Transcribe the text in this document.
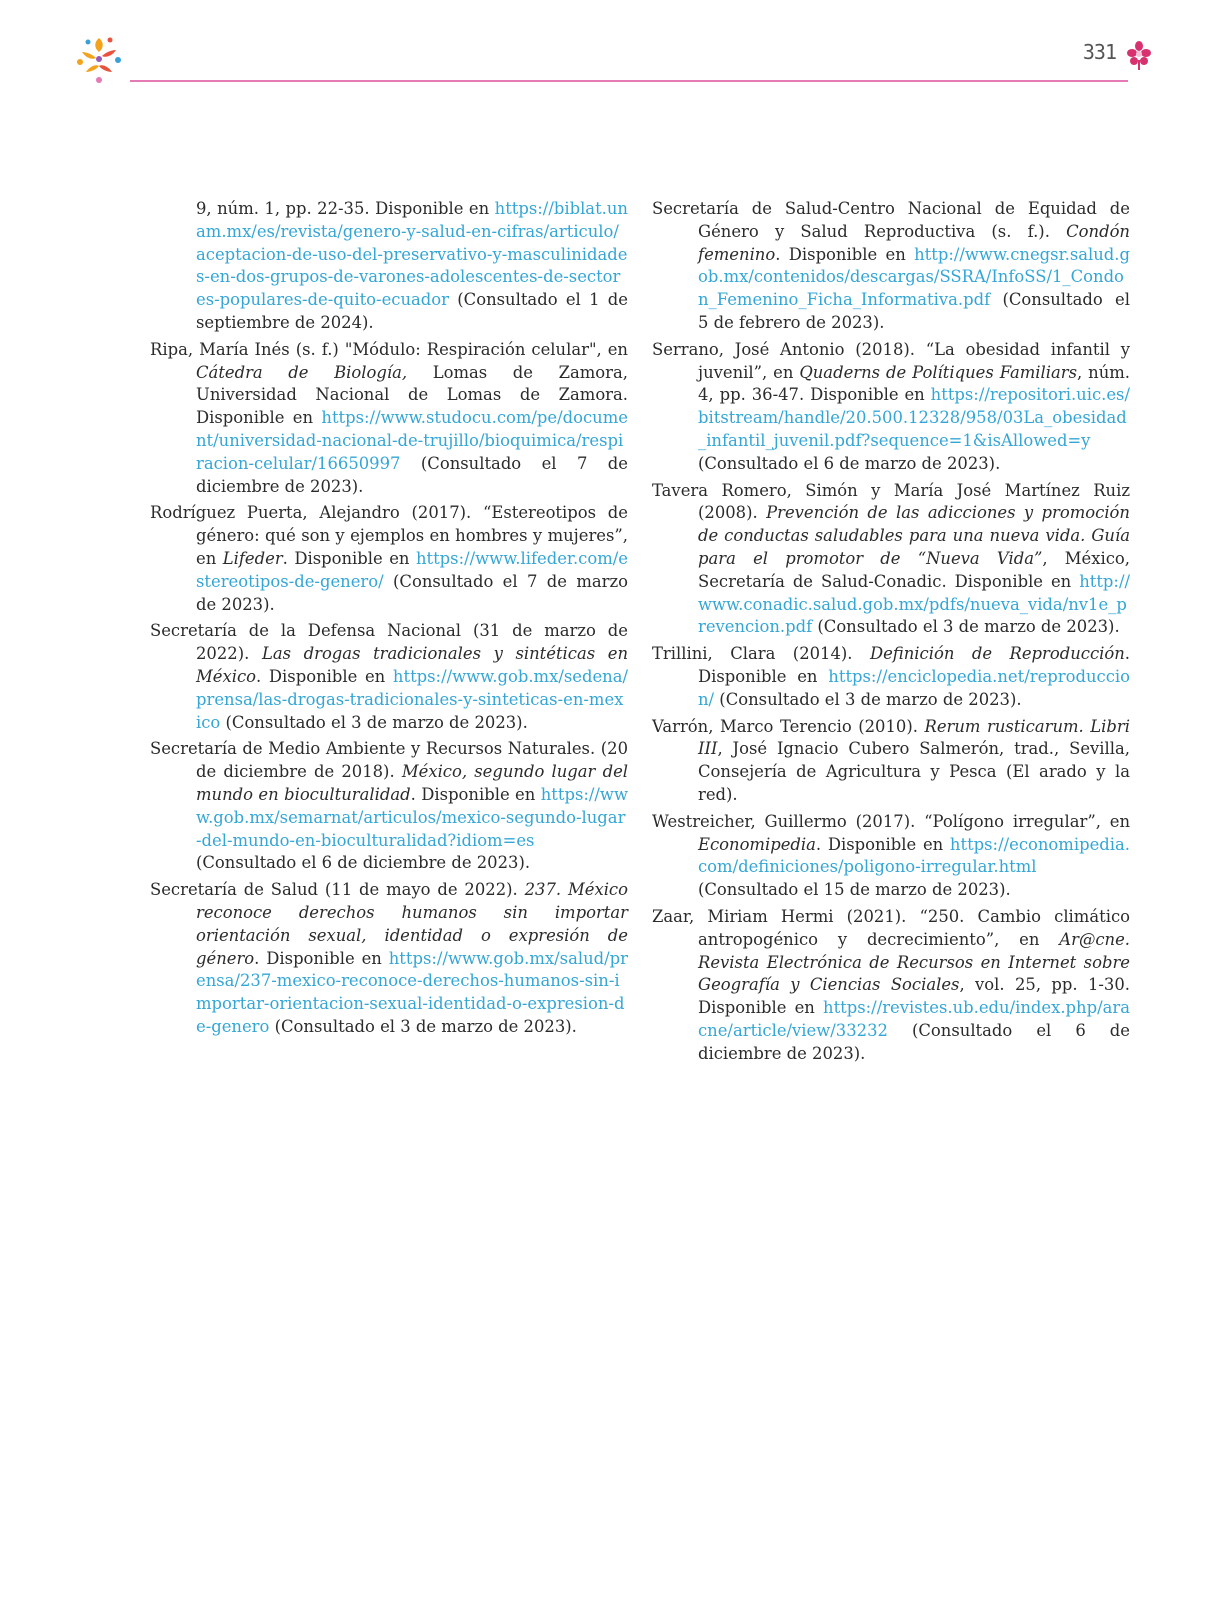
331

9, núm. 1, pp. 22-35. Disponible en https://biblat.unam.mx/es/revista/genero-y-salud-en-cifras/articulo/aceptacion-de-uso-del-preservativo-y-masculinidades-en-dos-grupos-de-varones-adolescentes-de-sectores-populares-de-quito-ecuador (Consultado el 1 de septiembre de 2024).

Ripa, María Inés (s. f.) "Módulo: Respiración celular", en Cátedra de Biología, Lomas de Zamora, Universidad Nacional de Lomas de Zamora. Disponible en https://www.studocu.com/pe/document/universidad-nacional-de-trujillo/bioquimica/respiracion-celular/16650997 (Consultado el 7 de diciembre de 2023).

Rodríguez Puerta, Alejandro (2017). “Estereotipos de género: qué son y ejemplos en hombres y mujeres”, en Lifeder. Disponible en https://www.lifeder.com/estereotipos-de-genero/ (Consultado el 7 de marzo de 2023).

Secretaría de la Defensa Nacional (31 de marzo de 2022). Las drogas tradicionales y sintéticas en México. Disponible en https://www.gob.mx/sedena/prensa/las-drogas-tradicionales-y-sinteticas-en-mexico (Consultado el 3 de marzo de 2023).

Secretaría de Medio Ambiente y Recursos Naturales. (20 de diciembre de 2018). México, segundo lugar del mundo en bioculturalidad. Disponible en https://www.gob.mx/semarnat/articulos/mexico-segundo-lugar-del-mundo-en-bioculturalidad?idiom=es (Consultado el 6 de diciembre de 2023).

Secretaría de Salud (11 de mayo de 2022). 237. México reconoce derechos humanos sin importar orientación sexual, identidad o expresión de género. Disponible en https://www.gob.mx/salud/prensa/237-mexico-reconoce-derechos-humanos-sin-importar-orientacion-sexual-identidad-o-expresion-de-genero (Consultado el 3 de marzo de 2023).

Secretaría de Salud-Centro Nacional de Equidad de Género y Salud Reproductiva (s. f.). Condón femenino. Disponible en http://www.cnegsr.salud.gob.mx/contenidos/descargas/SSRA/InfoSS/1_Condon_Femenino_Ficha_Informativa.pdf (Consultado el 5 de febrero de 2023).

Serrano, José Antonio (2018). “La obesidad infantil y juvenil”, en Quaderns de Polítiques Familiars, núm. 4, pp. 36-47. Disponible en https://repositori.uic.es/bitstream/handle/20.500.12328/958/03La_obesidad_infantil_juvenil.pdf?sequence=1&isAllowed=y (Consultado el 6 de marzo de 2023).

Tavera Romero, Simón y María José Martínez Ruiz (2008). Prevención de las adicciones y promoción de conductas saludables para una nueva vida. Guía para el promotor de “Nueva Vida”, México, Secretaría de Salud-Conadic. Disponible en http://www.conadic.salud.gob.mx/pdfs/nueva_vida/nv1e_prevencion.pdf (Consultado el 3 de marzo de 2023).

Trillini, Clara (2014). Definición de Reproducción. Disponible en https://enciclopedia.net/reproduccion/ (Consultado el 3 de marzo de 2023).

Varrón, Marco Terencio (2010). Rerum rusticarum. Libri III, José Ignacio Cubero Salmerón, trad., Sevilla, Consejería de Agricultura y Pesca (El arado y la red).

Westreicher, Guillermo (2017). “Polígono irregular”, en Economipedia. Disponible en https://economipedia.com/definiciones/poligono-irregular.html (Consultado el 15 de marzo de 2023).

Zaar, Miriam Hermi (2021). “250. Cambio climático antropogénico y decrecimiento”, en Ar@cne. Revista Electrónica de Recursos en Internet sobre Geografía y Ciencias Sociales, vol. 25, pp. 1-30. Disponible en https://revistes.ub.edu/index.php/aracne/article/view/33232 (Consultado el 6 de diciembre de 2023).
